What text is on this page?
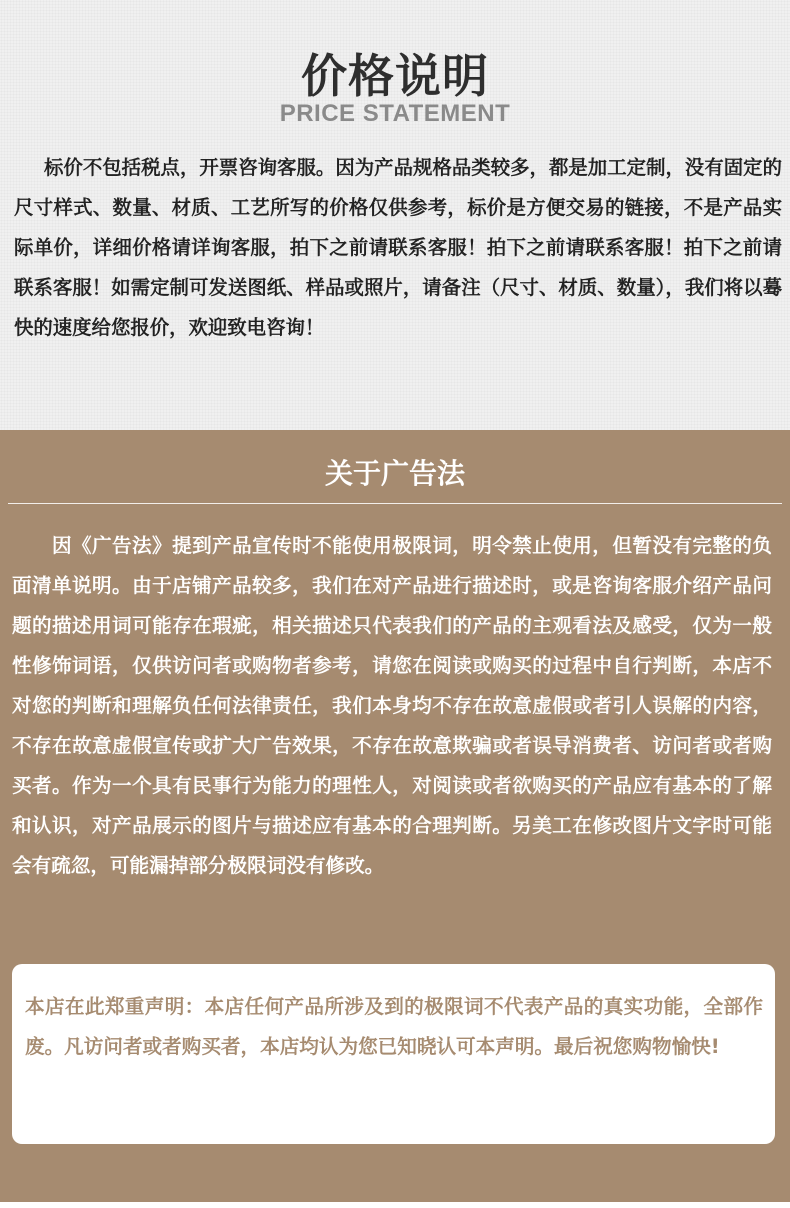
价格说明
PRICE STATEMENT

标价不包括税点，开票咨询客服。因为产品规格品类较多，都是加工定制，没有固定的尺寸样式、数量、材质、工艺所写的价格仅供参考，标价是方便交易的链接，不是产品实际单价，详细价格请详询客服，拍下之前请联系客服！拍下之前请联系客服！拍下之前请联系客服！如需定制可发送图纸、样品或照片，请备注（尺寸、材质、数量），我们将以蓦快的速度给您报价，欢迎致电咨询！

关于广告法

因《广告法》提到产品宣传时不能使用极限词，明令禁止使用，但暂没有完整的负面清单说明。由于店铺产品较多，我们在对产品进行描述时，或是咨询客服介绍产品问题的描述用词可能存在瑕疵，相关描述只代表我们的产品的主观看法及感受，仅为一般性修饰词语，仅供访问者或购物者参考，请您在阅读或购买的过程中自行判断，本店不对您的判断和理解负任何法律责任，我们本身均不存在故意虚假或者引人误解的内容，不存在故意虚假宣传或扩大广告效果，不存在故意欺骗或者误导消费者、访问者或者购买者。作为一个具有民事行为能力的理性人，对阅读或者欲购买的产品应有基本的了解和认识，对产品展示的图片与描述应有基本的合理判断。另美工在修改图片文字时可能会有疏忽，可能漏掉部分极限词没有修改。

本店在此郑重声明：本店任何产品所涉及到的极限词不代表产品的真实功能，全部作废。凡访问者或者购买者，本店均认为您已知晓认可本声明。最后祝您购物愉快!
